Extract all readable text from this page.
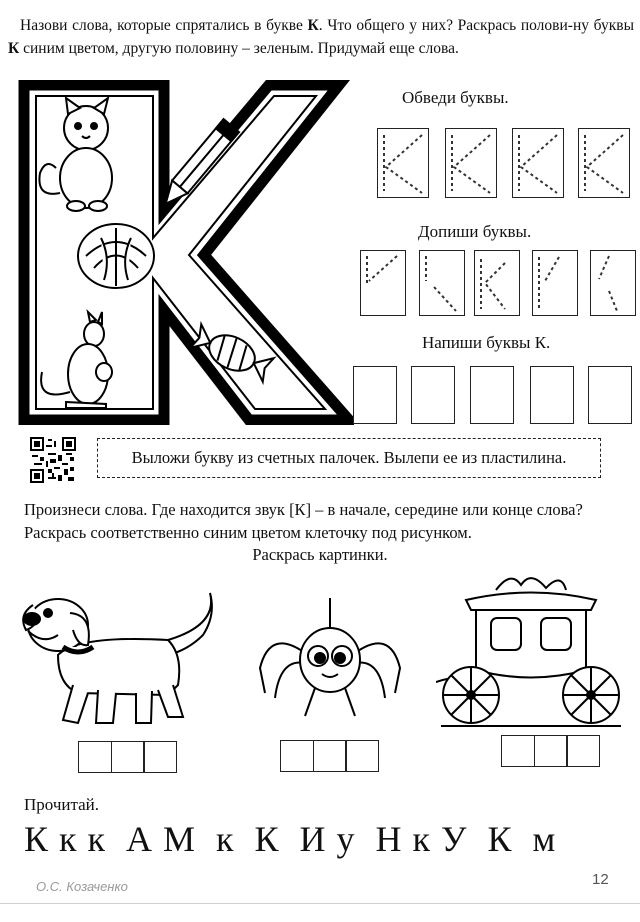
Назови слова, которые спрятались в букве К. Что общего у них? Раскрась полови-ну буквы К синим цветом, другую половину – зеленым. Придумай еще слова.
Обведи буквы.
Допиши буквы.
Напиши буквы К.
Выложи букву из счетных палочек. Вылепи ее из пластилина.
Произнеси слова. Где находится звук [К] – в начале, середине или конце слова? Раскрась соответственно синим цветом клеточку под рисунком.
Раскрась картинки.
Прочитай.
К к к  А М  к  К  И у  Н к У  К  м
О.С. Козаченко	12
